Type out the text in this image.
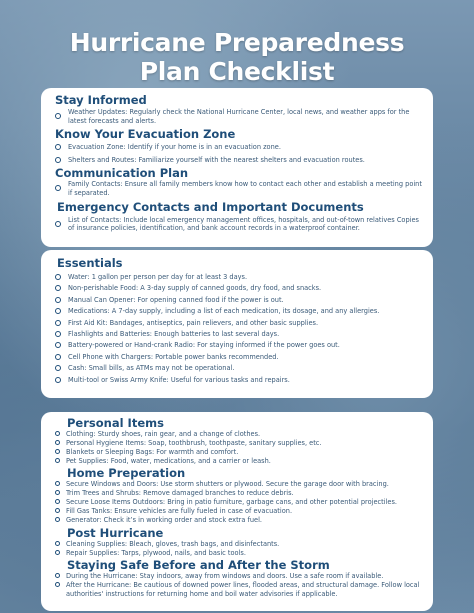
Hurricane Preparedness
Plan Checklist
Stay Informed
Weather Updates: Regularly check the National Hurricane Center, local news, and weather apps for the latest forecasts and alerts.
Know Your Evacuation Zone
Evacuation Zone: Identify if your home is in an evacuation zone.
Shelters and Routes: Familiarize yourself with the nearest shelters and evacuation routes.
Communication Plan
Family Contacts: Ensure all family members know how to contact each other and establish a meeting point if separated.
Emergency Contacts and Important Documents
List of Contacts: Include local emergency management offices, hospitals, and out-of-town relatives Copies of insurance policies, identification, and bank account records in a waterproof container.
Essentials
Water: 1 gallon per person per day for at least 3 days.
Non-perishable Food: A 3-day supply of canned goods, dry food, and snacks.
Manual Can Opener: For opening canned food if the power is out.
Medications: A 7-day supply, including a list of each medication, its dosage, and any allergies.
First Aid Kit: Bandages, antiseptics, pain relievers, and other basic supplies.
Flashlights and Batteries: Enough batteries to last several days.
Battery-powered or Hand-crank Radio: For staying informed if the power goes out.
Cell Phone with Chargers: Portable power banks recommended.
Cash: Small bills, as ATMs may not be operational.
Multi-tool or Swiss Army Knife: Useful for various tasks and repairs.
Personal Items
Clothing: Sturdy shoes, rain gear, and a change of clothes.
Personal Hygiene Items: Soap, toothbrush, toothpaste, sanitary supplies, etc.
Blankets or Sleeping Bags: For warmth and comfort.
Pet Supplies: Food, water, medications, and a carrier or leash.
Home Preperation
Secure Windows and Doors: Use storm shutters or plywood. Secure the garage door with bracing.
Trim Trees and Shrubs: Remove damaged branches to reduce debris.
Secure Loose Items Outdoors: Bring in patio furniture, garbage cans, and other potential projectiles.
Fill Gas Tanks: Ensure vehicles are fully fueled in case of evacuation.
Generator: Check it’s in working order and stock extra fuel.
Post Hurricane
Cleaning Supplies: Bleach, gloves, trash bags, and disinfectants.
Repair Supplies: Tarps, plywood, nails, and basic tools.
Staying Safe Before and After the Storm
During the Hurricane: Stay indoors, away from windows and doors. Use a safe room if available.
After the Hurricane: Be cautious of downed power lines, flooded areas, and structural damage. Follow local authorities' instructions for returning home and boil water advisories if applicable.
